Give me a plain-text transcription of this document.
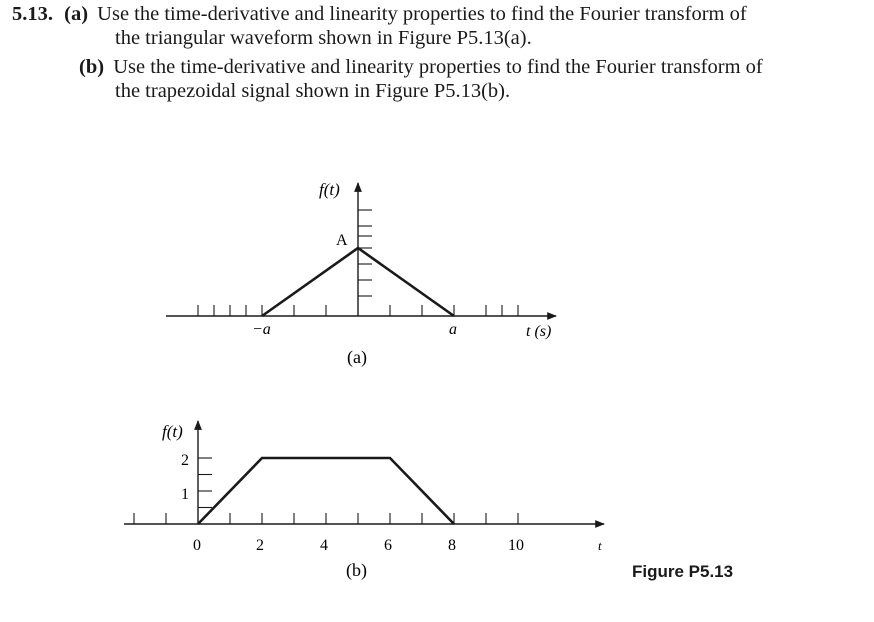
5.13. (a) Use the time-derivative and linearity properties to find the Fourier transform of
the triangular waveform shown in Figure P5.13(a).
(b) Use the time-derivative and linearity properties to find the Fourier transform of
the trapezoidal signal shown in Figure P5.13(b).
f(t)
A
−a	a	t (s)
(a)
f(t)
2
1
0	2	4	6	8	10	t
(b)	Figure P5.13
